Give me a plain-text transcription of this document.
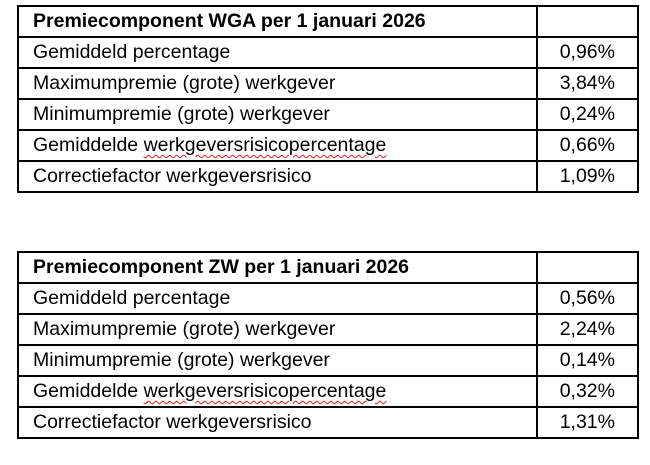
Premiecomponent WGA per 1 januari 2026	
Gemiddeld percentage	0,96%
Maximumpremie (grote) werkgever	3,84%
Minimumpremie (grote) werkgever	0,24%
Gemiddelde werkgeversrisicopercentage	0,66%
Correctiefactor werkgeversrisico	1,09%
Premiecomponent ZW per 1 januari 2026	
Gemiddeld percentage	0,56%
Maximumpremie (grote) werkgever	2,24%
Minimumpremie (grote) werkgever	0,14%
Gemiddelde werkgeversrisicopercentage	0,32%
Correctiefactor werkgeversrisico	1,31%
